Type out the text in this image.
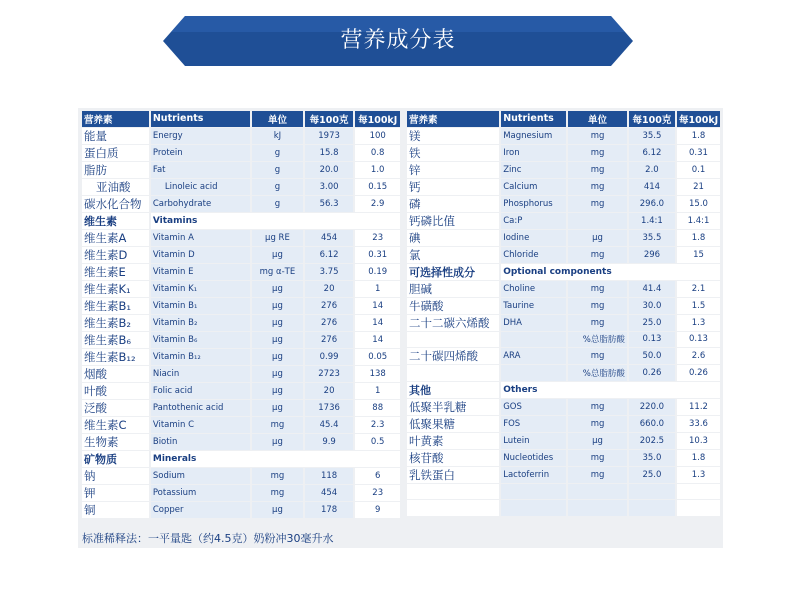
营养成分表
营养素	Nutrients	单位	每100克	每100kJ
能量	Energy	kJ	1973	100
蛋白质	Protein	g	15.8	0.8
脂肪	Fat	g	20.0	1.0
亚油酸	Linoleic acid	g	3.00	0.15
碳水化合物	Carbohydrate	g	56.3	2.9
维生素	Vitamins			
维生素A	Vitamin A	μg RE	454	23
维生素D	Vitamin D	μg	6.12	0.31
维生素E	Vitamin E	mg α-TE	3.75	0.19
维生素K₁	Vitamin K₁	μg	20	1
维生素B₁	Vitamin B₁	μg	276	14
维生素B₂	Vitamin B₂	μg	276	14
维生素B₆	Vitamin B₆	μg	276	14
维生素B₁₂	Vitamin B₁₂	μg	0.99	0.05
烟酸	Niacin	μg	2723	138
叶酸	Folic acid	μg	20	1
泛酸	Pantothenic acid	μg	1736	88
维生素C	Vitamin C	mg	45.4	2.3
生物素	Biotin	μg	9.9	0.5
矿物质	Minerals			
钠	Sodium	mg	118	6
钾	Potassium	mg	454	23
铜	Copper	μg	178	9
营养素	Nutrients	单位	每100克	每100kJ
镁	Magnesium	mg	35.5	1.8
铁	Iron	mg	6.12	0.31
锌	Zinc	mg	2.0	0.1
钙	Calcium	mg	414	21
磷	Phosphorus	mg	296.0	15.0
钙磷比值	Ca:P		1.4:1	1.4:1
碘	Iodine	μg	35.5	1.8
氯	Chloride	mg	296	15
可选择性成分	Optional components			
胆碱	Choline	mg	41.4	2.1
牛磺酸	Taurine	mg	30.0	1.5
二十二碳六烯酸	DHA	mg	25.0	1.3
		%总脂肪酸	0.13	0.13
二十碳四烯酸	ARA	mg	50.0	2.6
		%总脂肪酸	0.26	0.26
其他	Others			
低聚半乳糖	GOS	mg	220.0	11.2
低聚果糖	FOS	mg	660.0	33.6
叶黄素	Lutein	μg	202.5	10.3
核苷酸	Nucleotides	mg	35.0	1.8
乳铁蛋白	Lactoferrin	mg	25.0	1.3

标准稀释法：一平量匙（约4.5克）奶粉冲30毫升水
